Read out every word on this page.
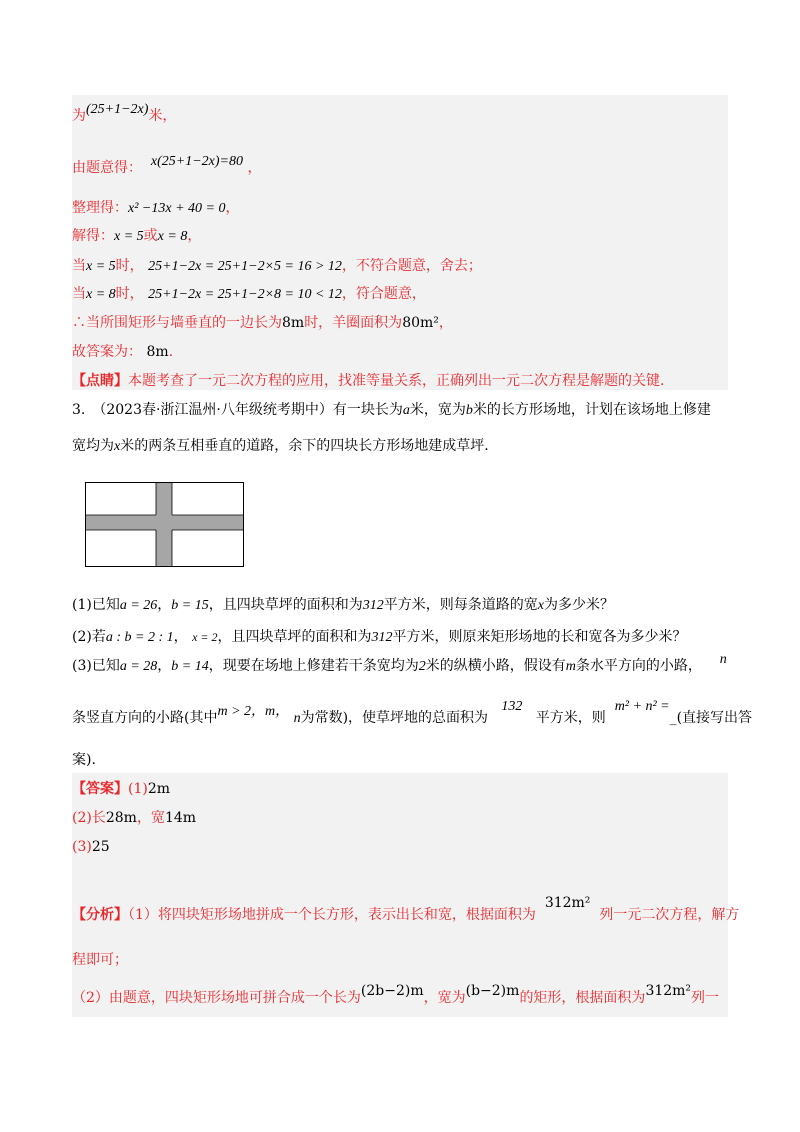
为(25+1−2x)米，
由题意得： x(25+1−2x)=80 ，
整理得：x² −13x + 40 = 0，
解得：x = 5或x = 8，
当x = 5时， 25+1−2x = 25+1−2×5 = 16 > 12，不符合题意，舍去；
当x = 8时， 25+1−2x = 25+1−2×8 = 10 < 12，符合题意，
∴当所围矩形与墙垂直的一边长为8m时，羊圈面积为80m²，
故答案为： 8m.
【点睛】本题考查了一元二次方程的应用，找准等量关系，正确列出一元二次方程是解题的关键.
3.　（2023春·浙江温州·八年级统考期中）有一块长为a米，宽为b米的长方形场地，计划在该场地上修建
宽均为x米的两条互相垂直的道路，余下的四块长方形场地建成草坪.
(1)已知a = 26，b = 15，且四块草坪的面积和为312平方米，则每条道路的宽x为多少米？
(2)若a : b = 2 : 1， x = 2，且四块草坪的面积和为312平方米，则原来矩形场地的长和宽各为多少米？
(3)已知a = 28，b = 14，现要在场地上修建若干条宽均为2米的纵横小路，假设有m条水平方向的小路， n
条竖直方向的小路(其中m > 2，m， n为常数)，使草坪地的总面积为   132   平方米，则  m² + n² =_(直接写出答
案).
【答案】(1)2m
(2)长28m，宽14m
(3)25
【分析】（1）将四块矩形场地拼成一个长方形，表示出长和宽，根据面积为  312m²  列一元二次方程，解方
程即可；
（2）由题意，四块矩形场地可拼合成一个长为(2b−2)m，宽为(b−2)m的矩形，根据面积为312m²列一
